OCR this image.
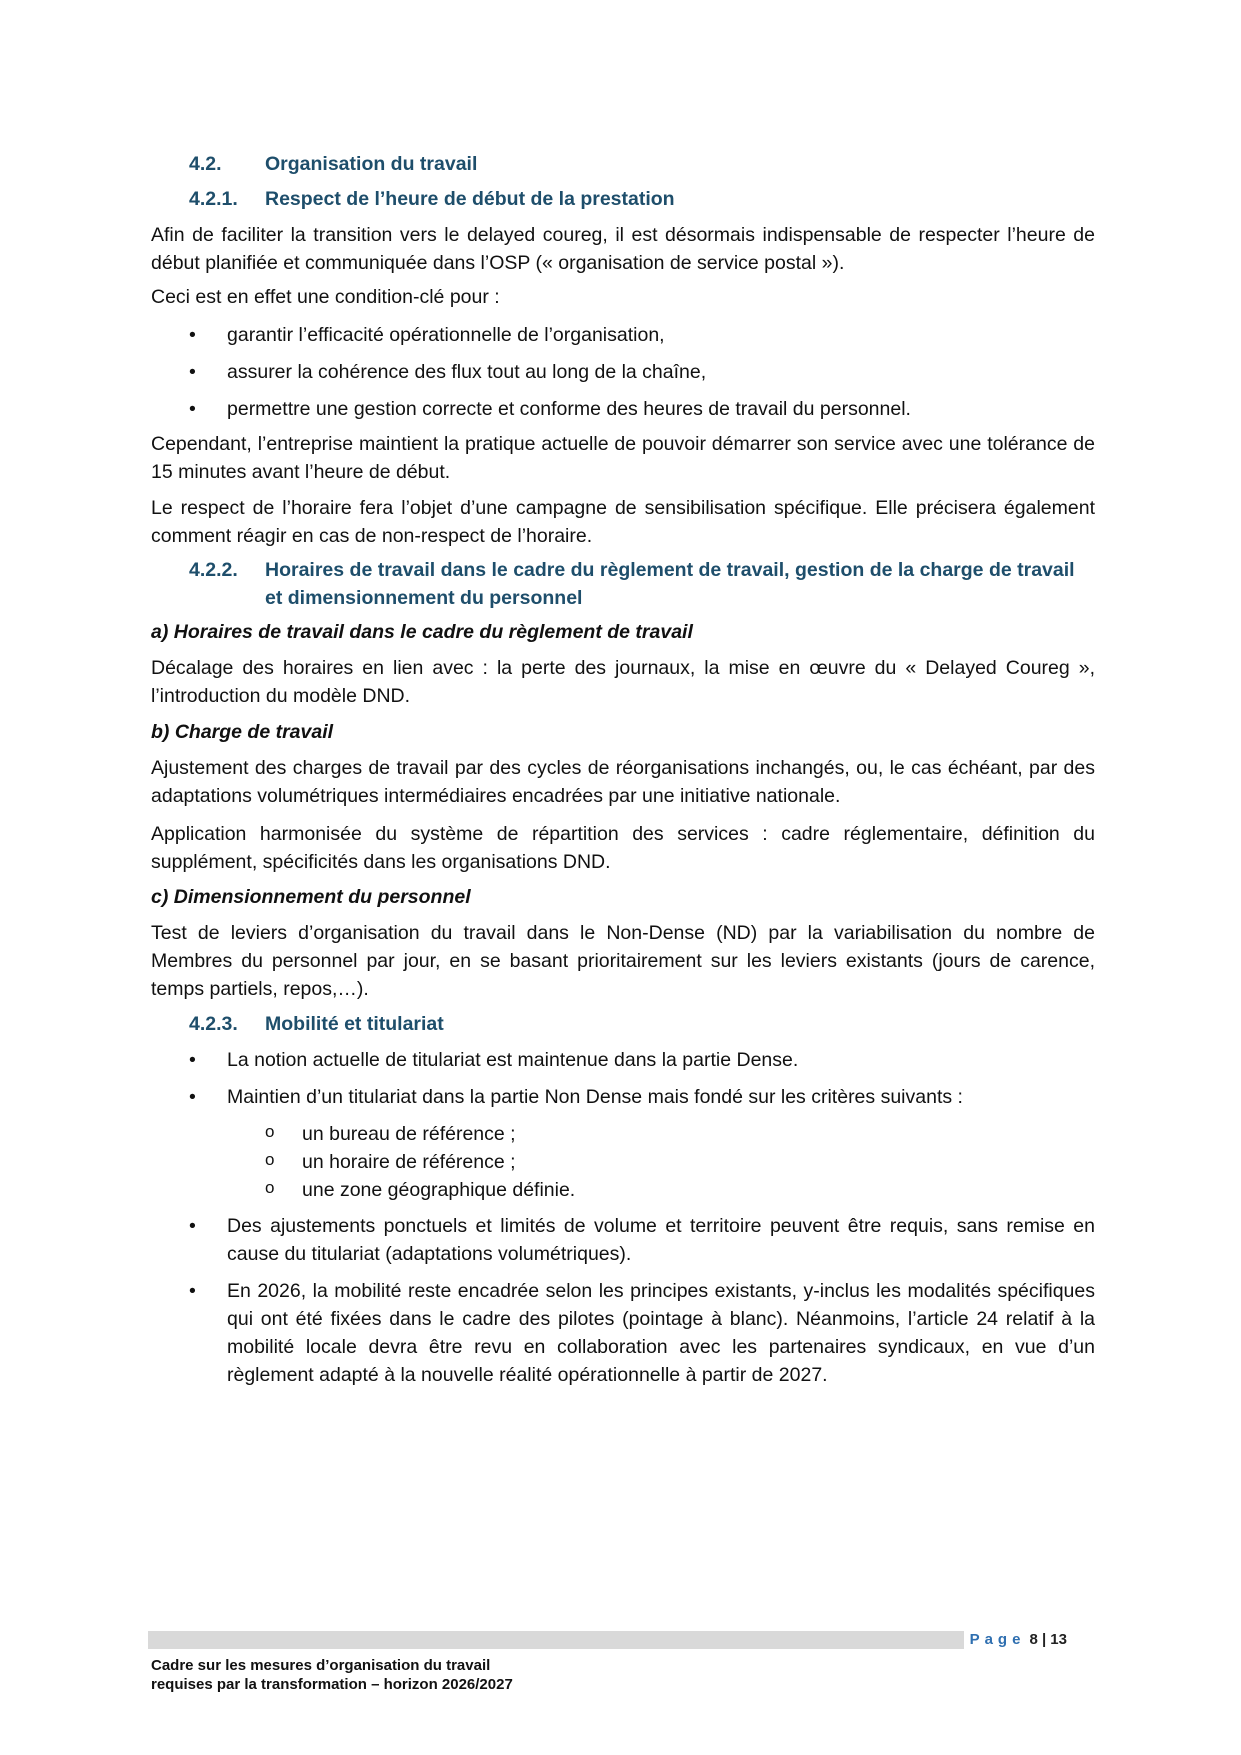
4.2.	Organisation du travail
4.2.1.	Respect de l’heure de début de la prestation

Afin de faciliter la transition vers le delayed coureg, il est désormais indispensable de respecter l’heure de début planifiée et communiquée dans l’OSP (« organisation de service postal »).

Ceci est en effet une condition-clé pour :

• garantir l’efficacité opérationnelle de l’organisation,
• assurer la cohérence des flux tout au long de la chaîne,
• permettre une gestion correcte et conforme des heures de travail du personnel.

Cependant, l’entreprise maintient la pratique actuelle de pouvoir démarrer son service avec une tolérance de 15 minutes avant l’heure de début.

Le respect de l’horaire fera l’objet d’une campagne de sensibilisation spécifique. Elle précisera également comment réagir en cas de non-respect de l’horaire.

4.2.2.	Horaires de travail dans le cadre du règlement de travail, gestion de la charge de travail et dimensionnement du personnel

a) Horaires de travail dans le cadre du règlement de travail

Décalage des horaires en lien avec : la perte des journaux, la mise en œuvre du « Delayed Coureg », l’introduction du modèle DND.

b) Charge de travail

Ajustement des charges de travail par des cycles de réorganisations inchangés, ou, le cas échéant, par des adaptations volumétriques intermédiaires encadrées par une initiative nationale.

Application harmonisée du système de répartition des services : cadre réglementaire, définition du supplément, spécificités dans les organisations DND.

c) Dimensionnement du personnel

Test de leviers d’organisation du travail dans le Non-Dense (ND) par la variabilisation du nombre de Membres du personnel par jour, en se basant prioritairement sur les leviers existants (jours de carence, temps partiels, repos,…).

4.2.3.	Mobilité et titulariat
• La notion actuelle de titulariat est maintenue dans la partie Dense.
• Maintien d’un titulariat dans la partie Non Dense mais fondé sur les critères suivants :
o un bureau de référence ;
o un horaire de référence ;
o une zone géographique définie.
• Des ajustements ponctuels et limités de volume et territoire peuvent être requis, sans remise en cause du titulariat (adaptations volumétriques).
• En 2026, la mobilité reste encadrée selon les principes existants, y-inclus les modalités spécifiques qui ont été fixées dans le cadre des pilotes (pointage à blanc). Néanmoins, l’article 24 relatif à la mobilité locale devra être revu en collaboration avec les partenaires syndicaux, en vue d’un règlement adapté à la nouvelle réalité opérationnelle à partir de 2027.
Page 8 | 13
Cadre sur les mesures d’organisation du travail
requises par la transformation – horizon 2026/2027
